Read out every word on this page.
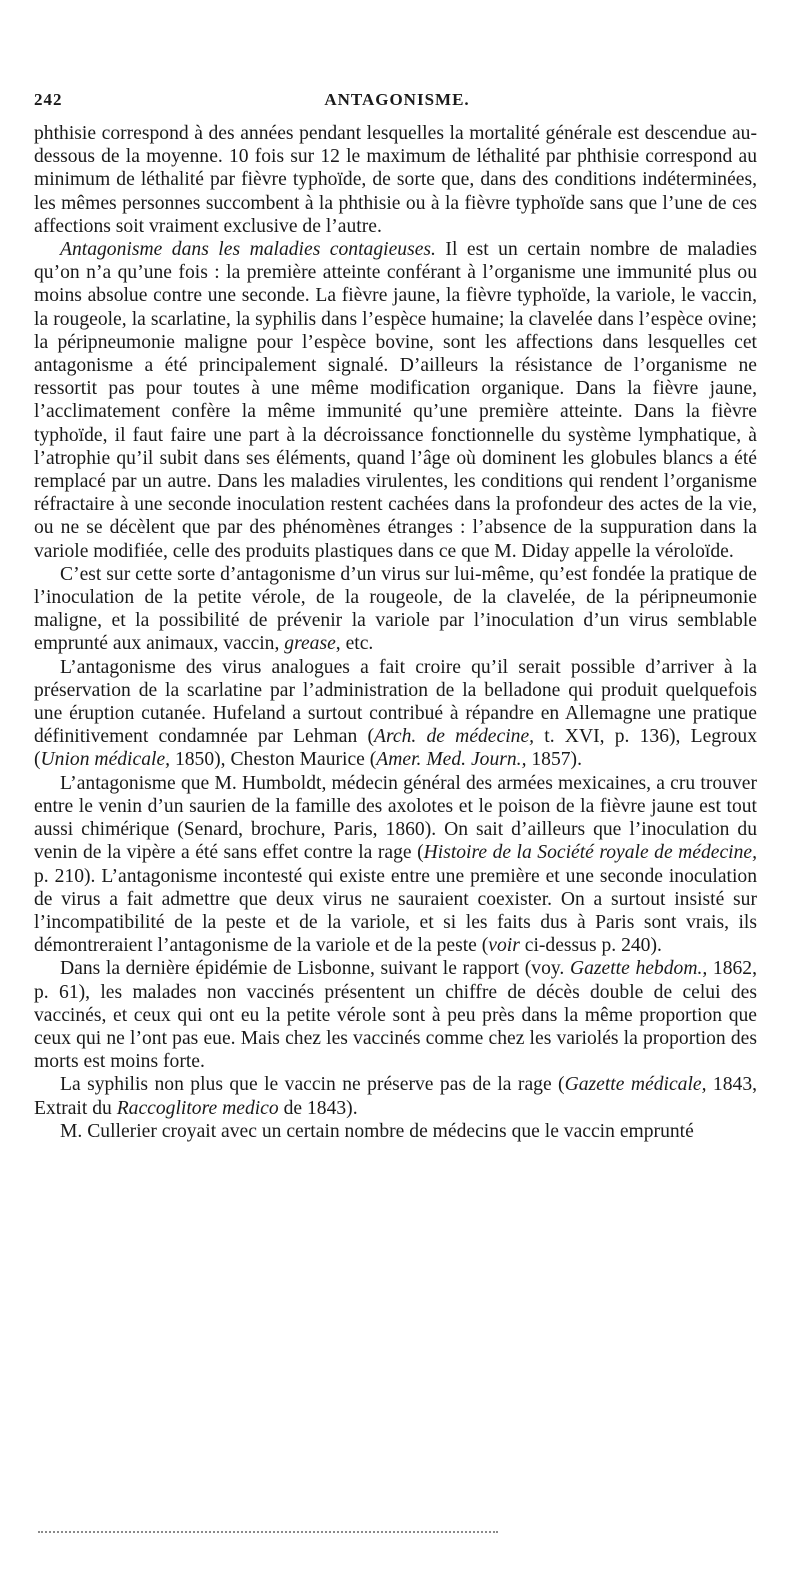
242	ANTAGONISME.

phthisie correspond à des années pendant lesquelles la mortalité générale est descendue au-dessous de la moyenne. 10 fois sur 12 le maximum de léthalité par phthisie correspond au minimum de léthalité par fièvre typhoïde, de sorte que, dans des conditions indéterminées, les mêmes personnes succombent à la phthisie ou à la fièvre typhoïde sans que l’une de ces affections soit vraiment exclusive de l’autre.

Antagonisme dans les maladies contagieuses. Il est un certain nombre de maladies qu’on n’a qu’une fois : la première atteinte conférant à l’organisme une immunité plus ou moins absolue contre une seconde. La fièvre jaune, la fièvre typhoïde, la variole, le vaccin, la rougeole, la scarlatine, la syphilis dans l’espèce humaine; la clavelée dans l’espèce ovine; la péripneumonie maligne pour l’espèce bovine, sont les affections dans lesquelles cet antagonisme a été principalement signalé. D’ailleurs la résistance de l’organisme ne ressortit pas pour toutes à une même modification organique. Dans la fièvre jaune, l’acclimatement confère la même immunité qu’une première atteinte. Dans la fièvre typhoïde, il faut faire une part à la décroissance fonctionnelle du système lymphatique, à l’atrophie qu’il subit dans ses éléments, quand l’âge où dominent les globules blancs a été remplacé par un autre. Dans les maladies virulentes, les conditions qui rendent l’organisme réfractaire à une seconde inoculation restent cachées dans la profondeur des actes de la vie, ou ne se décèlent que par des phénomènes étranges : l’absence de la suppuration dans la variole modifiée, celle des produits plastiques dans ce que M. Diday appelle la véroloïde.

C’est sur cette sorte d’antagonisme d’un virus sur lui-même, qu’est fondée la pratique de l’inoculation de la petite vérole, de la rougeole, de la clavelée, de la péripneumonie maligne, et la possibilité de prévenir la variole par l’inoculation d’un virus semblable emprunté aux animaux, vaccin, grease, etc.

L’antagonisme des virus analogues a fait croire qu’il serait possible d’arriver à la préservation de la scarlatine par l’administration de la belladone qui produit quelquefois une éruption cutanée. Hufeland a surtout contribué à répandre en Allemagne une pratique définitivement condamnée par Lehman (Arch. de médecine, t. XVI, p. 136), Legroux (Union médicale, 1850), Cheston Maurice (Amer. Med. Journ., 1857).

L’antagonisme que M. Humboldt, médecin général des armées mexicaines, a cru trouver entre le venin d’un saurien de la famille des axolotes et le poison de la fièvre jaune est tout aussi chimérique (Senard, brochure, Paris, 1860). On sait d’ailleurs que l’inoculation du venin de la vipère a été sans effet contre la rage (Histoire de la Société royale de médecine, p. 210). L’antagonisme incontesté qui existe entre une première et une seconde inoculation de virus a fait admettre que deux virus ne sauraient coexister. On a surtout insisté sur l’incompatibilité de la peste et de la variole, et si les faits dus à Paris sont vrais, ils démontreraient l’antagonisme de la variole et de la peste (voir ci-dessus p. 240).

Dans la dernière épidémie de Lisbonne, suivant le rapport (voy. Gazette hebdom., 1862, p. 61), les malades non vaccinés présentent un chiffre de décès double de celui des vaccinés, et ceux qui ont eu la petite vérole sont à peu près dans la même proportion que ceux qui ne l’ont pas eue. Mais chez les vaccinés comme chez les variolés la proportion des morts est moins forte.

La syphilis non plus que le vaccin ne préserve pas de la rage (Gazette médicale, 1843, Extrait du Raccoglitore medico de 1843).

M. Cullerier croyait avec un certain nombre de médecins que le vaccin emprunté
